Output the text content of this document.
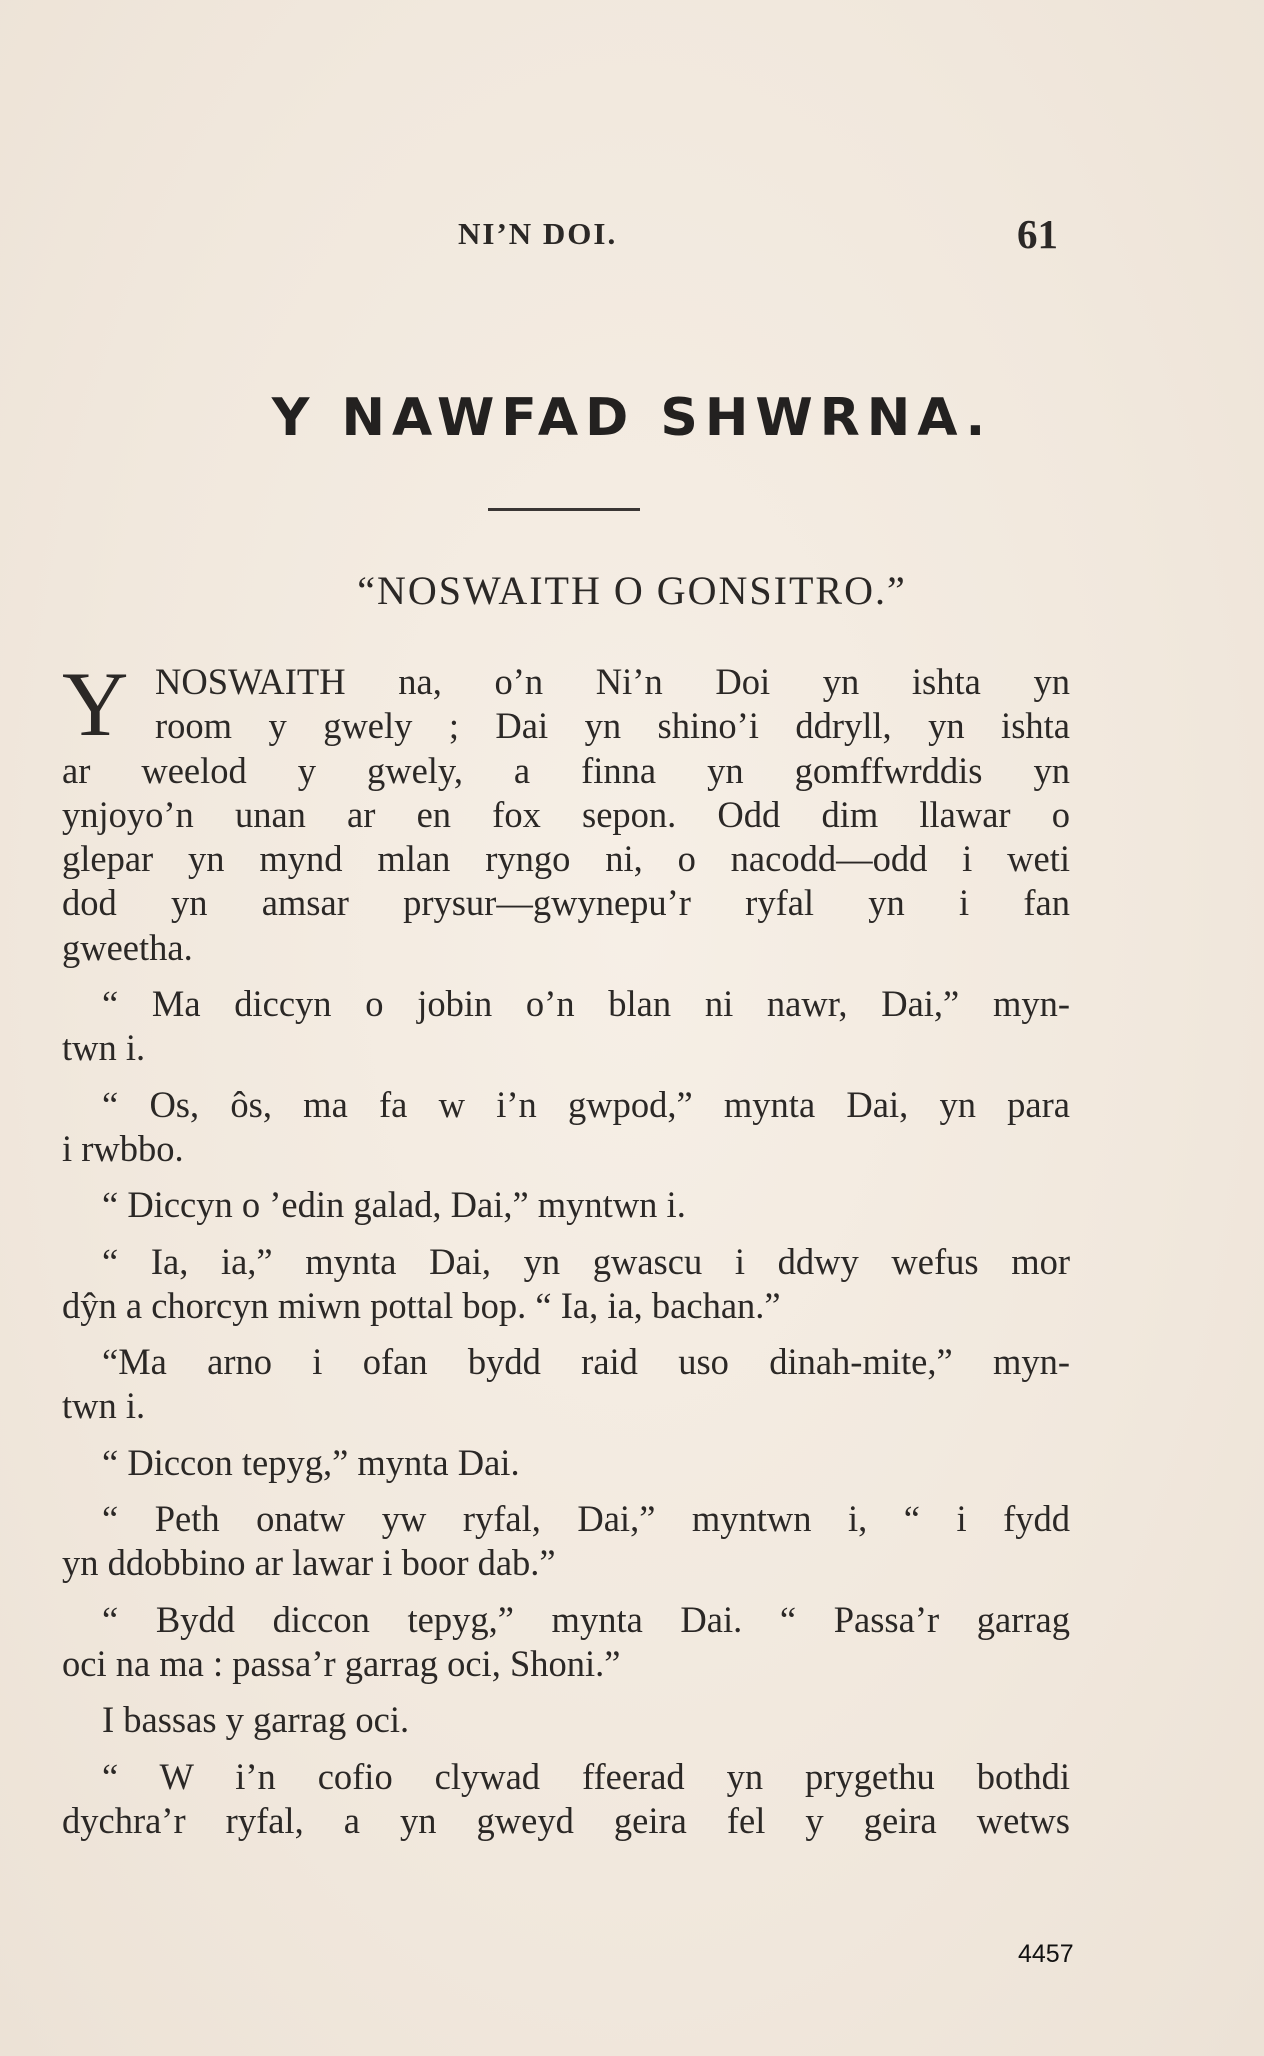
NI’N DOI.	61
Y NAWFAD SHWRNA.
“NOSWAITH O GONSITRO.”
Y NOSWAITH na, o’n Ni’n Doi yn ishta yn
room y gwely ; Dai yn shino’i ddryll, yn ishta
ar weelod y gwely, a finna yn gomffwrddis yn
ynjoyo’n unan ar en fox sepon. Odd dim llawar o
glepar yn mynd mlan ryngo ni, o nacodd—odd i weti
dod yn amsar prysur—gwynepu’r ryfal yn i fan
gweetha.
“ Ma diccyn o jobin o’n blan ni nawr, Dai,” myn-
twn i.
“ Os, ôs, ma fa w i’n gwpod,” mynta Dai, yn para
i rwbbo.
“ Diccyn o ’edin galad, Dai,” myntwn i.
“ Ia, ia,” mynta Dai, yn gwascu i ddwy wefus mor
dŷn a chorcyn miwn pottal bop. “ Ia, ia, bachan.”
“Ma arno i ofan bydd raid uso dinah-mite,” myn-
twn i.
“ Diccon tepyg,” mynta Dai.
“ Peth onatw yw ryfal, Dai,” myntwn i, “ i fydd
yn ddobbino ar lawar i boor dab.”
“ Bydd diccon tepyg,” mynta Dai. “ Passa’r garrag
oci na ma : passa’r garrag oci, Shoni.”
I bassas y garrag oci.
“ W i’n cofio clywad ffeerad yn prygethu bothdi
dychra’r ryfal, a yn gweyd geira fel y geira wetws
4457
